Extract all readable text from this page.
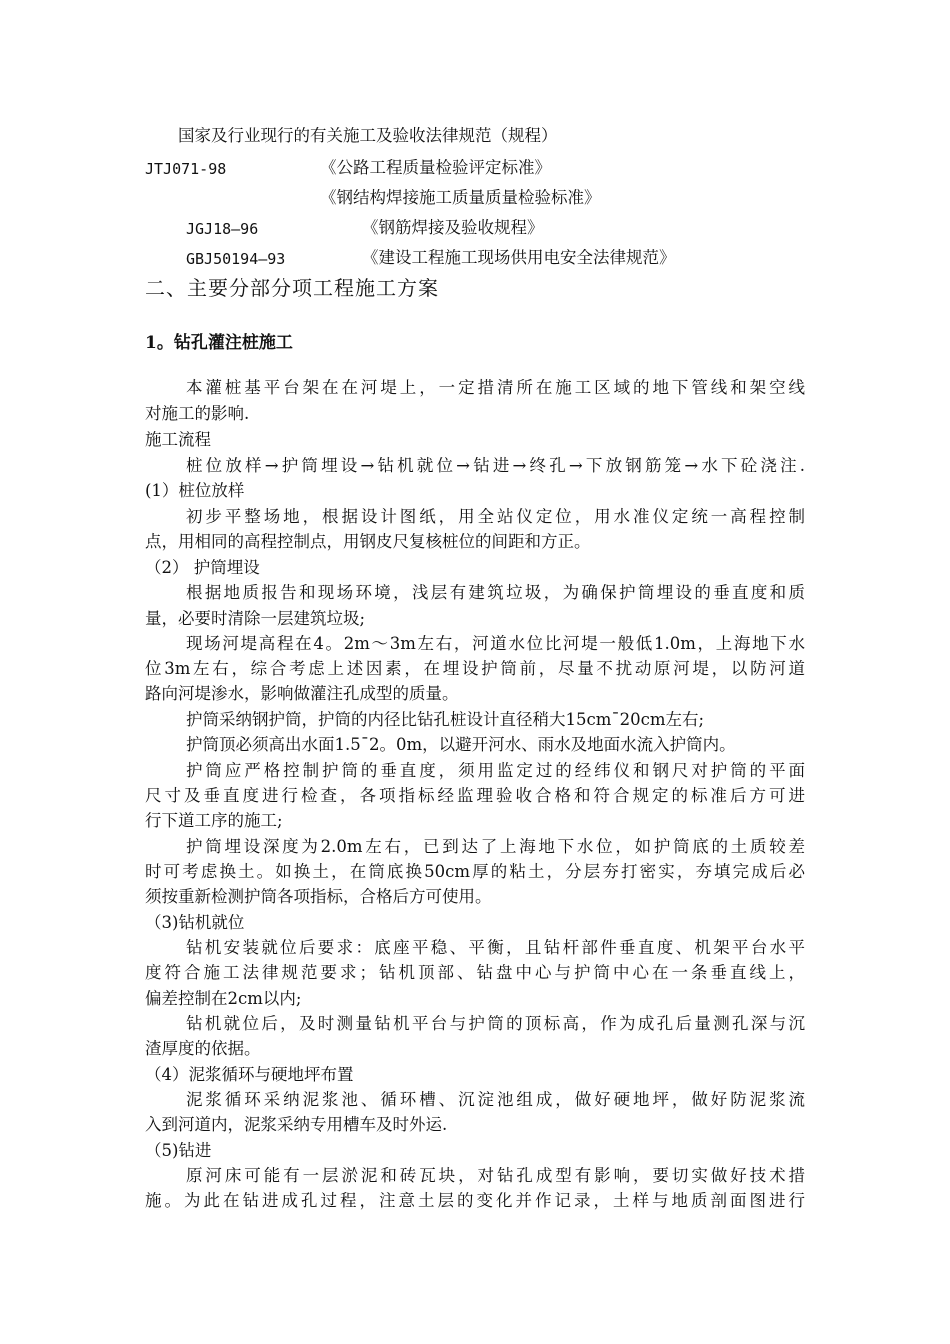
国家及行业现行的有关施工及验收法律规范（规程）
JTJ071-98	《公路工程质量检验评定标准》
《钢结构焊接施工质量质量检验标准》
JGJ18—96	《钢筋焊接及验收规程》
GBJ50194—93	《建设工程施工现场供用电安全法律规范》
二、主要分部分项工程施工方案
1。钻孔灌注桩施工
本灌桩基平台架在在河堤上，一定措清所在施工区域的地下管线和架空线
对施工的影响.
施工流程
桩位放样→护筒埋设→钻机就位→钻进→终孔→下放钢筋笼→水下砼浇注.
(1）桩位放样
初步平整场地，根据设计图纸，用全站仪定位，用水准仪定统一高程控制
点，用相同的高程控制点，用钢皮尺复核桩位的间距和方正。
（2） 护筒埋设
根据地质报告和现场环境，浅层有建筑垃圾，为确保护筒埋设的垂直度和质
量，必要时清除一层建筑垃圾;
现场河堤高程在4。2m～3m左右，河道水位比河堤一般低1.0m，上海地下水
位3m左右，综合考虑上述因素，在埋设护筒前，尽量不扰动原河堤，以防河道
路向河堤渗水，影响做灌注孔成型的质量。
护筒采纳钢护筒，护筒的内径比钻孔桩设计直径稍大15cm¯20cm左右;
护筒顶必须高出水面1.5¯2。0m，以避开河水、雨水及地面水流入护筒内。
护筒应严格控制护筒的垂直度，须用监定过的经纬仪和钢尺对护筒的平面
尺寸及垂直度进行检查，各项指标经监理验收合格和符合规定的标准后方可进
行下道工序的施工;
护筒埋设深度为2.0m左右，已到达了上海地下水位，如护筒底的土质较差
时可考虑换土。如换土，在筒底换50cm厚的粘土，分层夯打密实，夯填完成后必
须按重新检测护筒各项指标，合格后方可使用。
（3)钻机就位
钻机安装就位后要求：底座平稳、平衡，且钻杆部件垂直度、机架平台水平
度符合施工法律规范要求；钻机顶部、钻盘中心与护筒中心在一条垂直线上，
偏差控制在2cm以内;
钻机就位后，及时测量钻机平台与护筒的顶标高，作为成孔后量测孔深与沉
渣厚度的依据。
（4）泥浆循环与硬地坪布置
泥浆循环采纳泥浆池、循环槽、沉淀池组成，做好硬地坪，做好防泥浆流
入到河道内，泥浆采纳专用槽车及时外运.
（5)钻进
原河床可能有一层淤泥和砖瓦块，对钻孔成型有影响，要切实做好技术措
施。为此在钻进成孔过程，注意土层的变化并作记录，土样与地质剖面图进行
